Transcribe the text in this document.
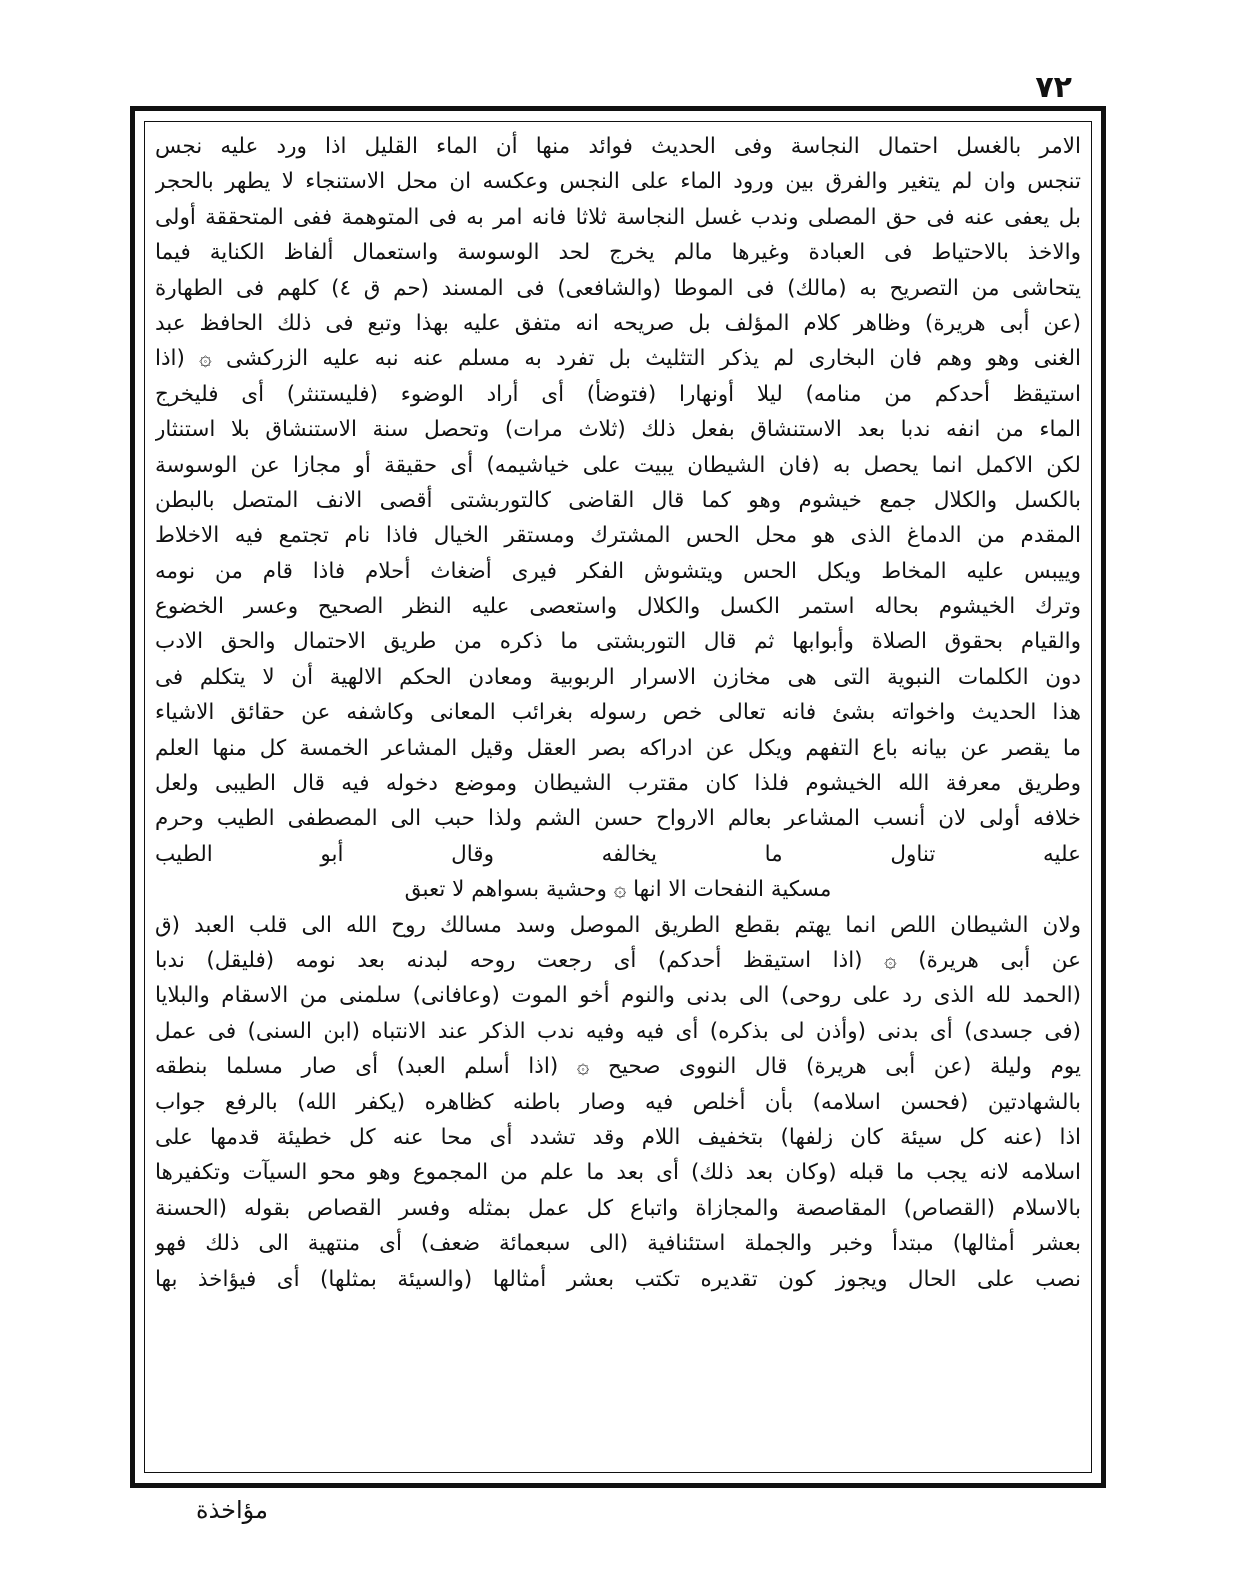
٧٢
الامر بالغسل احتمال النجاسة وفى الحديث فوائد منها أن الماء القليل اذا ورد عليه نجس
تنجس وان لم يتغير والفرق بين ورود الماء على النجس وعكسه ان محل الاستنجاء لا يطهر بالحجر
بل يعفى عنه فى حق المصلى وندب غسل النجاسة ثلاثا فانه امر به فى المتوهمة ففى المتحققة أولى
والاخذ بالاحتياط فى العبادة وغيرها مالم يخرج لحد الوسوسة واستعمال ألفاظ الكناية فيما
يتحاشى من التصريح به (مالك) فى الموطا (والشافعى) فى المسند (حم ق ٤) كلهم فى الطهارة
(عن أبى هريرة) وظاهر كلام المؤلف بل صريحه انه متفق عليه بهذا وتبع فى ذلك الحافظ عبد
الغنى وهو وهم فان البخارى لم يذكر التثليث بل تفرد به مسلم عنه نبه عليه الزركشى ۞ (اذا
استيقظ أحدكم من منامه) ليلا أونهارا (فتوضأ) أى أراد الوضوء (فليستنثر) أى فليخرج
الماء من انفه ندبا بعد الاستنشاق بفعل ذلك (ثلاث مرات) وتحصل سنة الاستنشاق بلا استنثار
لكن الاكمل انما يحصل به (فان الشيطان يبيت على خياشيمه) أى حقيقة أو مجازا عن الوسوسة
بالكسل والكلال جمع خيشوم وهو كما قال القاضى كالتوربشتى أقصى الانف المتصل بالبطن
المقدم من الدماغ الذى هو محل الحس المشترك ومستقر الخيال فاذا نام تجتمع فيه الاخلاط
وييبس عليه المخاط ويكل الحس ويتشوش الفكر فيرى أضغاث أحلام فاذا قام من نومه
وترك الخيشوم بحاله استمر الكسل والكلال واستعصى عليه النظر الصحيح وعسر الخضوع
والقيام بحقوق الصلاة وأبوابها ثم قال التوربشتى ما ذكره من طريق الاحتمال والحق الادب
دون الكلمات النبوية التى هى مخازن الاسرار الربوبية ومعادن الحكم الالهية أن لا يتكلم فى
هذا الحديث واخواته بشئ فانه تعالى خص رسوله بغرائب المعانى وكاشفه عن حقائق الاشياء
ما يقصر عن بيانه باع التفهم ويكل عن ادراكه بصر العقل وقيل المشاعر الخمسة كل منها العلم
وطريق معرفة الله الخيشوم فلذا كان مقترب الشيطان وموضع دخوله فيه قال الطيبى ولعل
خلافه أولى لان أنسب المشاعر بعالم الارواح حسن الشم ولذا حبب الى المصطفى الطيب وحرم
عليه تناول ما يخالفه وقال أبو الطيب
مسكية النفحات الا انها ۞ وحشية بسواهم لا تعبق
ولان الشيطان اللص انما يهتم بقطع الطريق الموصل وسد مسالك روح الله الى قلب العبد (ق
عن أبى هريرة) ۞ (اذا استيقظ أحدكم) أى رجعت روحه لبدنه بعد نومه (فليقل) ندبا
(الحمد لله الذى رد على روحى) الى بدنى والنوم أخو الموت (وعافانى) سلمنى من الاسقام والبلايا
(فى جسدى) أى بدنى (وأذن لى بذكره) أى فيه وفيه ندب الذكر عند الانتباه (ابن السنى) فى عمل
يوم وليلة (عن أبى هريرة) قال النووى صحيح ۞ (اذا أسلم العبد) أى صار مسلما بنطقه
بالشهادتين (فحسن اسلامه) بأن أخلص فيه وصار باطنه كظاهره (يكفر الله) بالرفع جواب
اذا (عنه كل سيئة كان زلفها) بتخفيف اللام وقد تشدد أى محا عنه كل خطيئة قدمها على
اسلامه لانه يجب ما قبله (وكان بعد ذلك) أى بعد ما علم من المجموع وهو محو السيآت وتكفيرها
بالاسلام (القصاص) المقاصصة والمجازاة واتباع كل عمل بمثله وفسر القصاص بقوله (الحسنة
بعشر أمثالها) مبتدأ وخبر والجملة استئنافية (الى سبعمائة ضعف) أى منتهية الى ذلك فهو
نصب على الحال ويجوز كون تقديره تكتب بعشر أمثالها (والسيئة بمثلها) أى فيؤاخذ بها
مؤاخذة
